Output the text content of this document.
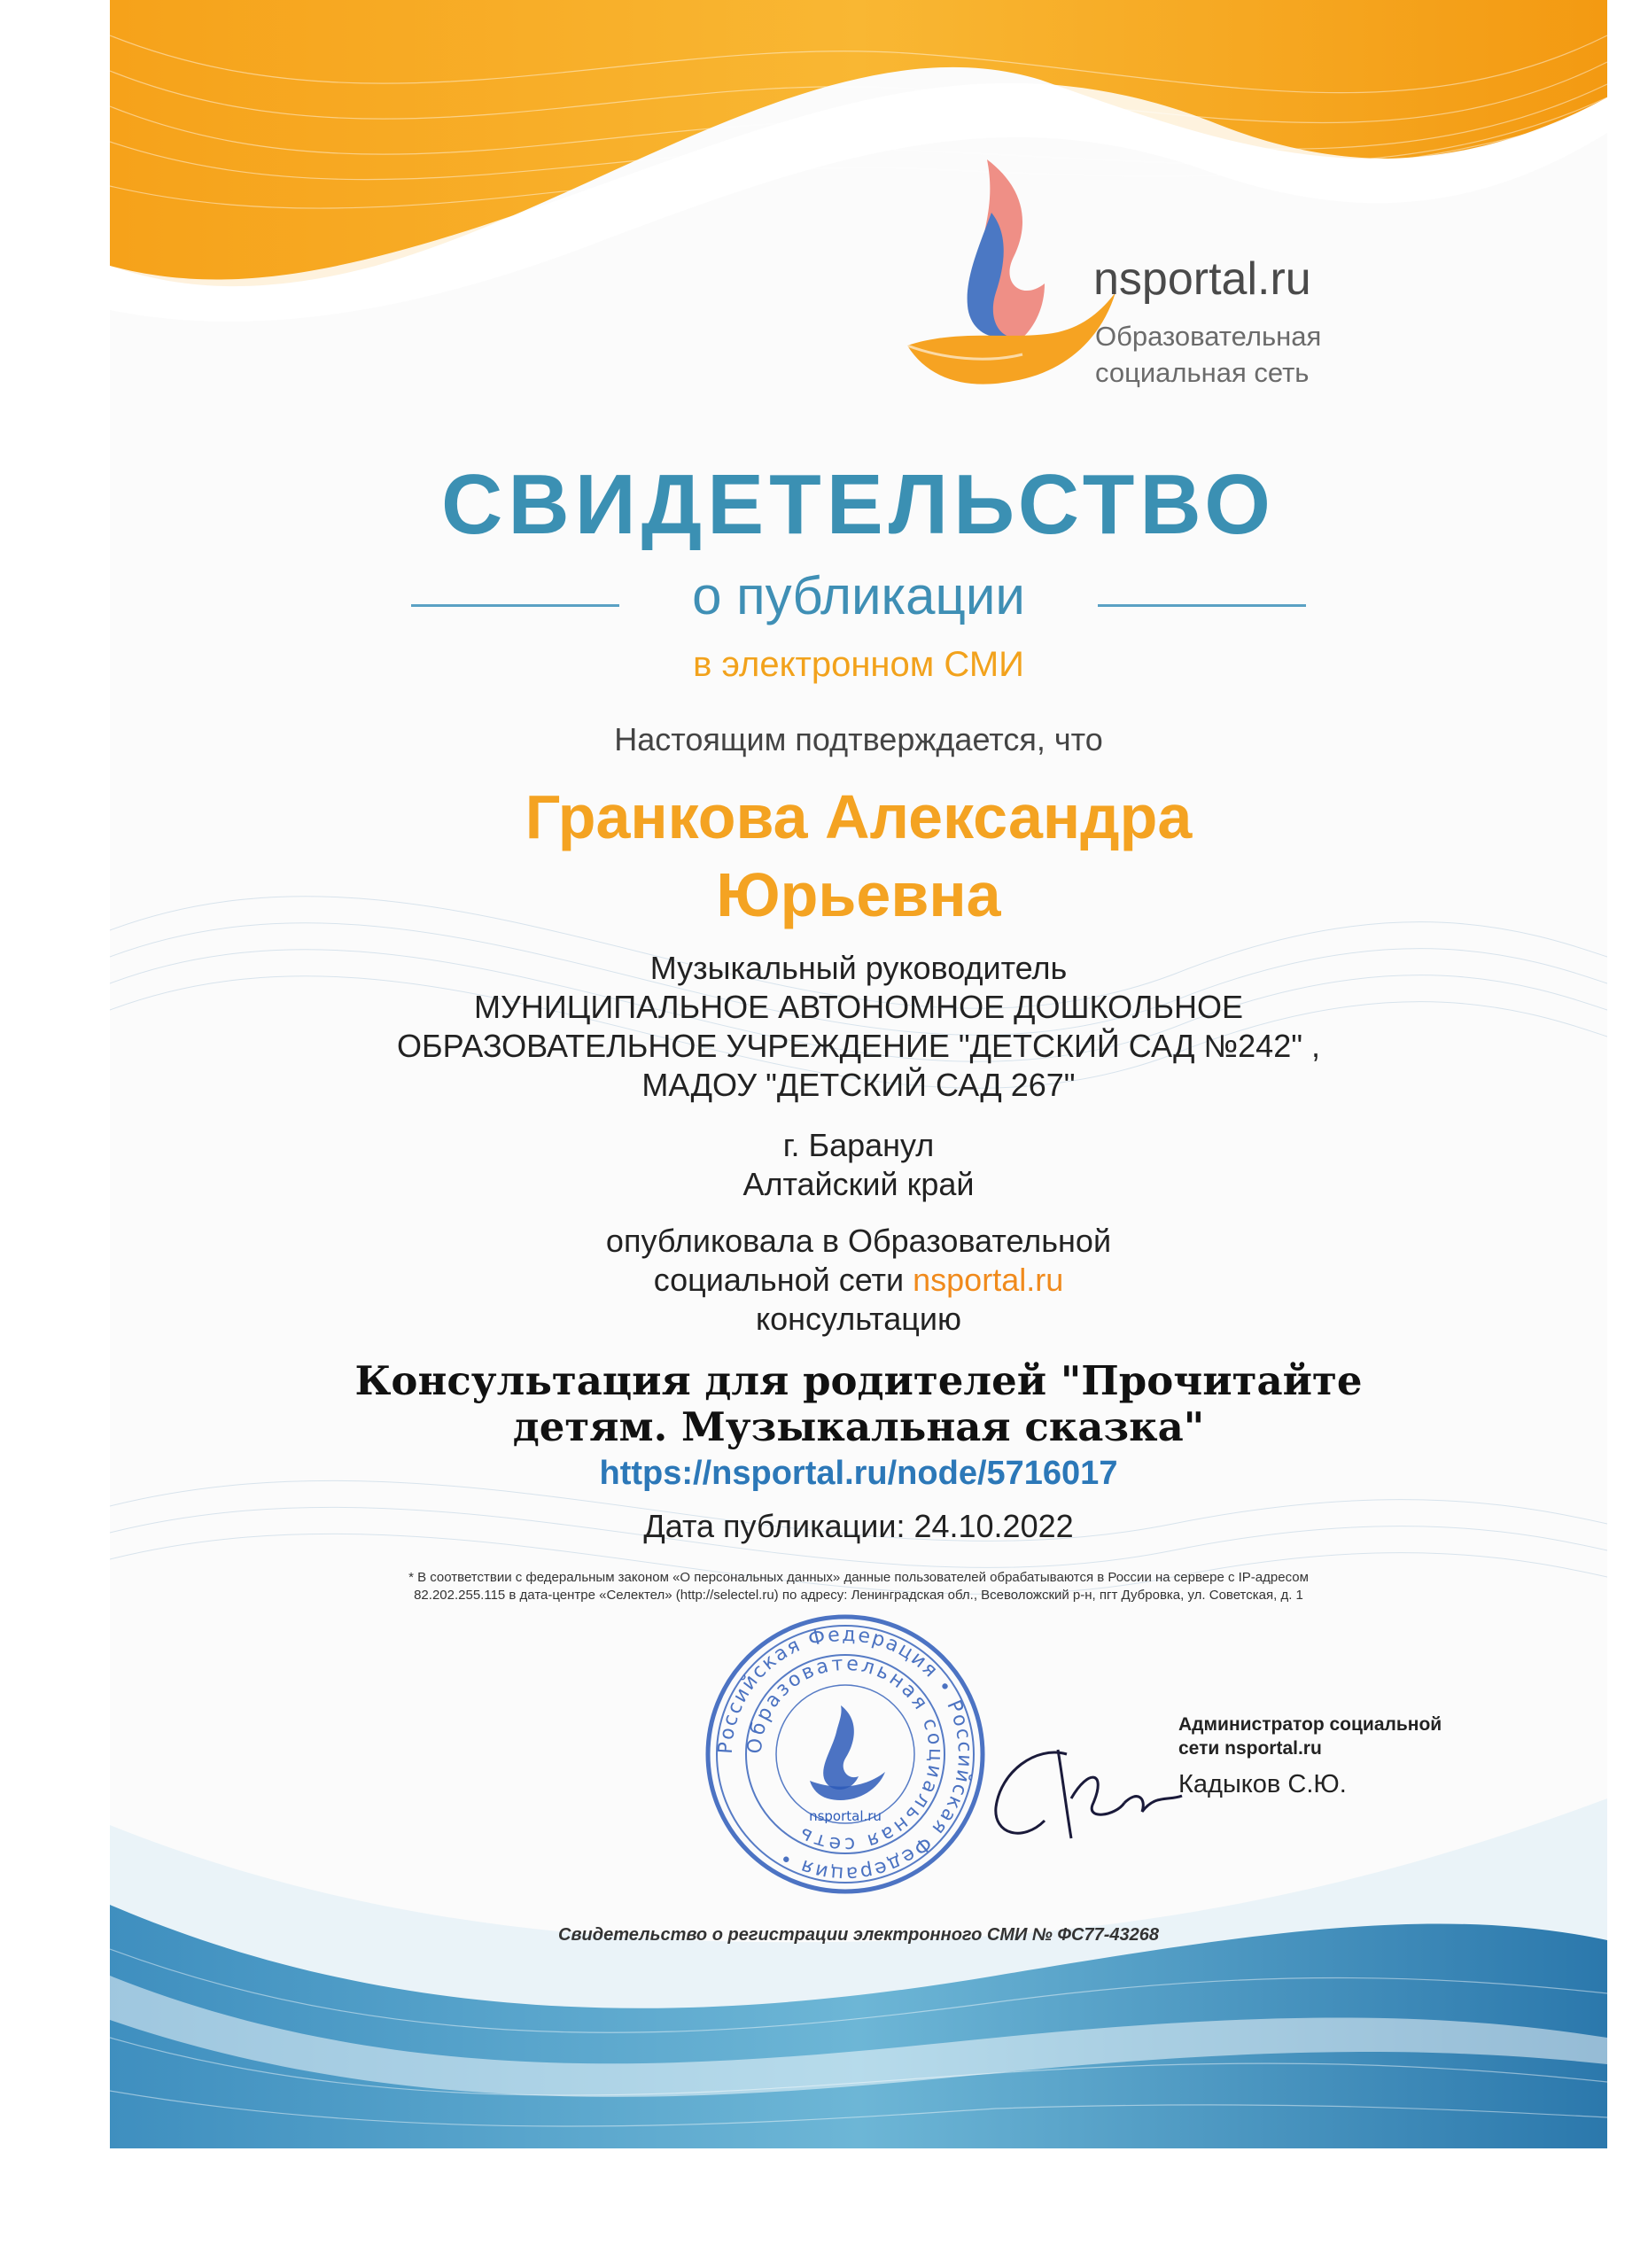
nsportal.ru
Образовательная
социальная сеть
СВИДЕТЕЛЬСТВО
о публикации
в электронном СМИ
Настоящим подтверждается, что
Гранкова Александра
Юрьевна
Музыкальный руководитель
МУНИЦИПАЛЬНОЕ АВТОНОМНОЕ ДОШКОЛЬНОЕ
ОБРАЗОВАТЕЛЬНОЕ УЧРЕЖДЕНИЕ "ДЕТСКИЙ САД №242" ,
МАДОУ "ДЕТСКИЙ САД 267"
г. Баранул
Алтайский край
опубликовала в Образовательной
социальной сети nsportal.ru
консультацию
Консультация для родителей "Прочитайте
детям. Музыкальная сказка"
https://nsportal.ru/node/5716017
Дата публикации: 24.10.2022
* В соответствии с федеральным законом «О персональных данных» данные пользователей обрабатываются в России на сервере с IP-адресом
82.202.255.115 в дата-центре «Селектел» (http://selectel.ru) по адресу: Ленинградская обл., Всеволожский р-н, пгт Дубровка, ул. Советская, д. 1
Российская Федерация • Российская Федерация •
Образовательная социальная сеть
nsportal.ru
Администратор социальной
сети nsportal.ru
Кадыков С.Ю.
Свидетельство о регистрации электронного СМИ № ФС77-43268
